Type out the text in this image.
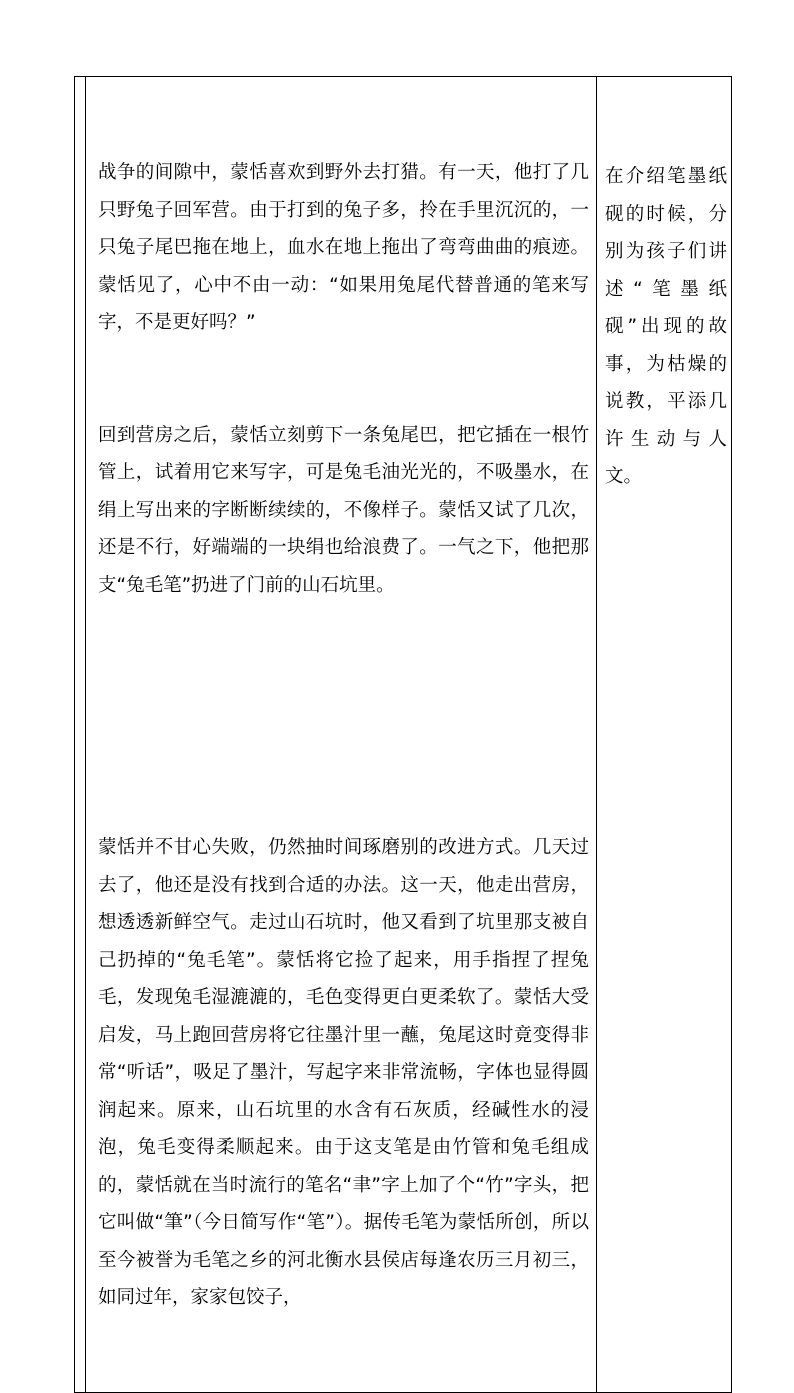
战争的间隙中，蒙恬喜欢到野外去打猎。有一天，他打了几只野兔子回军营。由于打到的兔子多，拎在手里沉沉的，一只兔子尾巴拖在地上，血水在地上拖出了弯弯曲曲的痕迹。蒙恬见了，心中不由一动：“如果用兔尾代替普通的笔来写字，不是更好吗？”

回到营房之后，蒙恬立刻剪下一条兔尾巴，把它插在一根竹管上，试着用它来写字，可是兔毛油光光的，不吸墨水，在绢上写出来的字断断续续的，不像样子。蒙恬又试了几次，还是不行，好端端的一块绢也给浪费了。一气之下，他把那支“兔毛笔”扔进了门前的山石坑里。

蒙恬并不甘心失败，仍然抽时间琢磨别的改进方式。几天过去了，他还是没有找到合适的办法。这一天，他走出营房，想透透新鲜空气。走过山石坑时，他又看到了坑里那支被自己扔掉的“兔毛笔”。蒙恬将它捡了起来，用手指捏了捏兔毛，发现兔毛湿漉漉的，毛色变得更白更柔软了。蒙恬大受启发，马上跑回营房将它往墨汁里一蘸，兔尾这时竟变得非常“听话”，吸足了墨汁，写起字来非常流畅，字体也显得圆润起来。原来，山石坑里的水含有石灰质，经碱性水的浸泡，兔毛变得柔顺起来。由于这支笔是由竹管和兔毛组成的，蒙恬就在当时流行的笔名“聿”字上加了个“竹”字头，把它叫做“筆”（今日简写作“笔”）。据传毛笔为蒙恬所创，所以至今被誉为毛笔之乡的河北衡水县侯店每逢农历三月初三，如同过年，家家包饺子，

在介绍笔墨纸砚的时候，分别为孩子们讲述“笔墨纸砚”出现的故事，为枯燥的说教，平添几许生动与人文。
